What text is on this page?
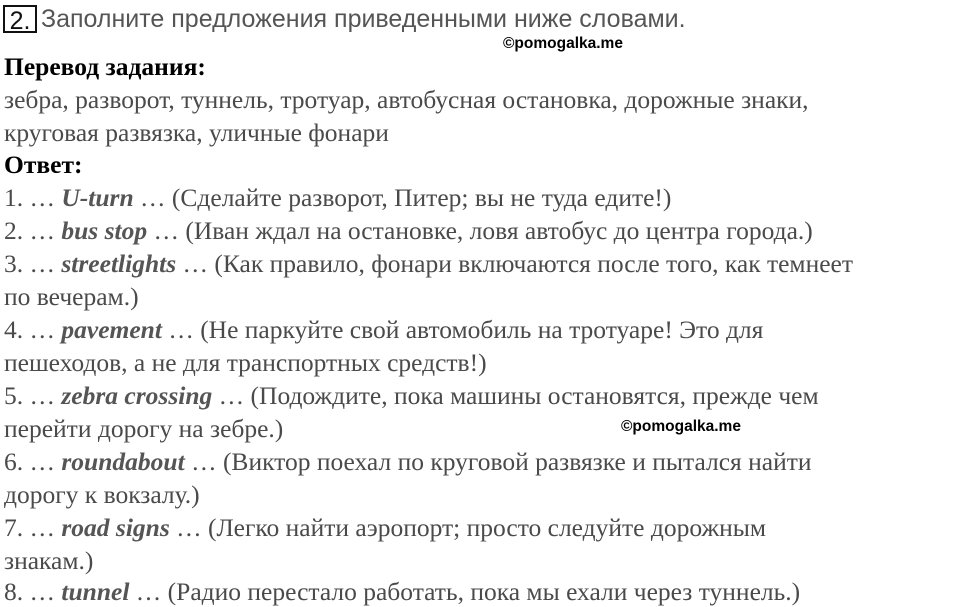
2. Заполните предложения приведенными ниже словами.
©pomogalka.me
Перевод задания:
зебра, разворот, туннель, тротуар, автобусная остановка, дорожные знаки,
круговая развязка, уличные фонари
Ответ:
1. … U-turn … (Сделайте разворот, Питер; вы не туда едите!)
2. … bus stop … (Иван ждал на остановке, ловя автобус до центра города.)
3. … streetlights … (Как правило, фонари включаются после того, как темнеет
по вечерам.)
4. … pavement … (Не паркуйте свой автомобиль на тротуаре! Это для
пешеходов, а не для транспортных средств!)
5. … zebra crossing … (Подождите, пока машины остановятся, прежде чем
перейти дорогу на зебре.)	©pomogalka.me
6. … roundabout … (Виктор поехал по круговой развязке и пытался найти
дорогу к вокзалу.)
7. … road signs … (Легко найти аэропорт; просто следуйте дорожным
знакам.)
8. … tunnel … (Радио перестало работать, пока мы ехали через туннель.)
